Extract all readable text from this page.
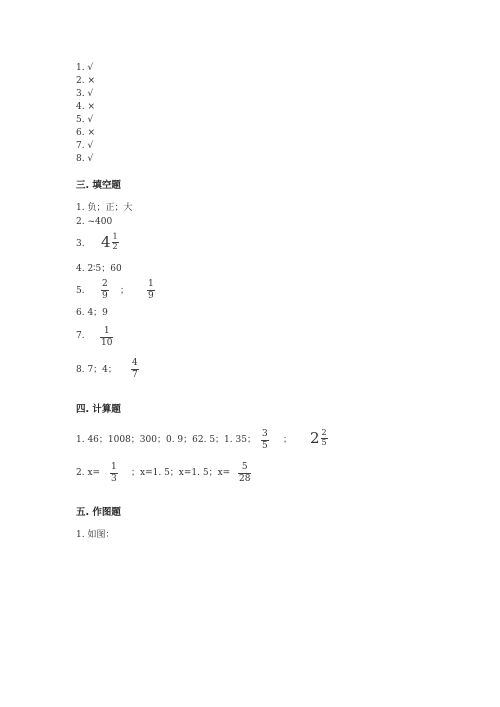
1. √
2. ×
3. √
4. ×
5. √
6. ×
7. √
8. √
三. 填空题
1. 负；正；大
2. ~400
3. $4 \frac{1}{2}$
4. 2∶5；60
5.
2
9 ；
1
9
6. 4；9
7. 1
10
8. 7；4；
4
7
四. 计算题
1. 46；1008；300；0. 9；62. 5；1. 35；
3
5
； $2 \frac{2}{5}$
2. x=
1
3
；x=1. 5；x=1. 5；x=
5
28
五. 作图题
1. 如图：
